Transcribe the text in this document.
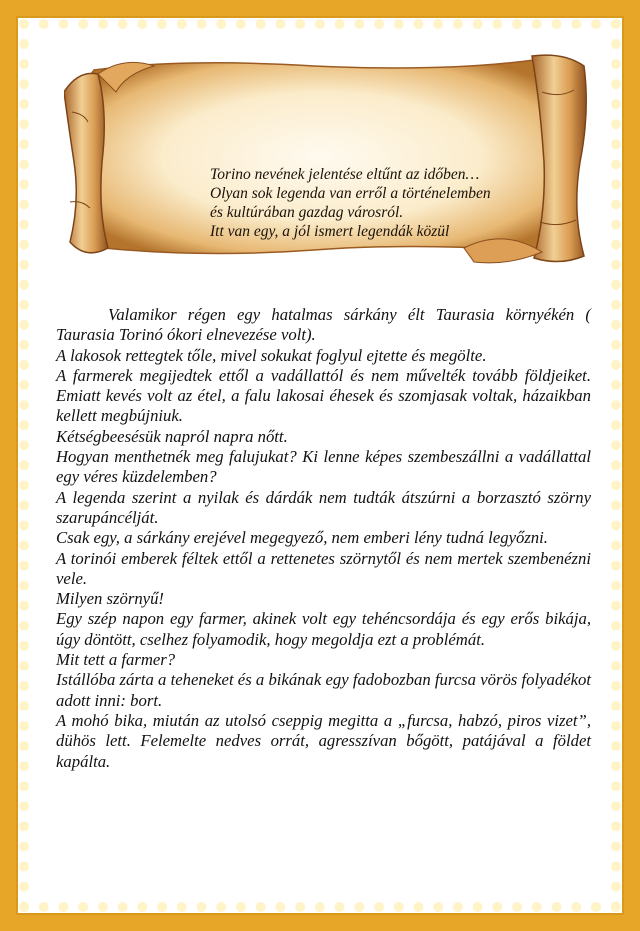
Torino nevének jelentése eltűnt az időben…
Olyan sok legenda van erről a történelemben
és kultúrában gazdag városról.
Itt van egy, a jól ismert legendák közül

Valamikor régen egy hatalmas sárkány élt Taurasia környékén ( Taurasia Torinó ókori elnevezése volt).

A lakosok rettegtek tőle, mivel sokukat foglyul ejtette és megölte.

A farmerek megijedtek ettől a vadállattól és nem művelték tovább földjeiket. Emiatt kevés volt az étel, a falu lakosai éhesek és szomjasak voltak, házaikban kellett megbújniuk.

Kétségbeesésük napról napra nőtt.

Hogyan menthetnék meg falujukat? Ki lenne képes szembeszállni a vadállattal egy véres küzdelemben?

A legenda szerint a nyilak és dárdák nem tudták átszúrni a borzasztó szörny szarupáncélját.

Csak egy, a sárkány erejével megegyező, nem emberi lény tudná legyőzni.

A torinói emberek féltek ettől a rettenetes szörnytől és nem mertek szembenézni vele.

Milyen szörnyű!

Egy szép napon egy farmer, akinek volt egy tehéncsordája és egy erős bikája, úgy döntött, cselhez folyamodik, hogy megoldja ezt a problémát.

Mit tett a farmer?

Istállóba zárta a teheneket és a bikának egy fadobozban furcsa vörös folyadékot adott inni: bort.

A mohó bika, miután az utolsó cseppig megitta a „furcsa, habzó, piros vizet”, dühös lett. Felemelte nedves orrát, agresszívan bőgött, patájával a földet kapálta.
